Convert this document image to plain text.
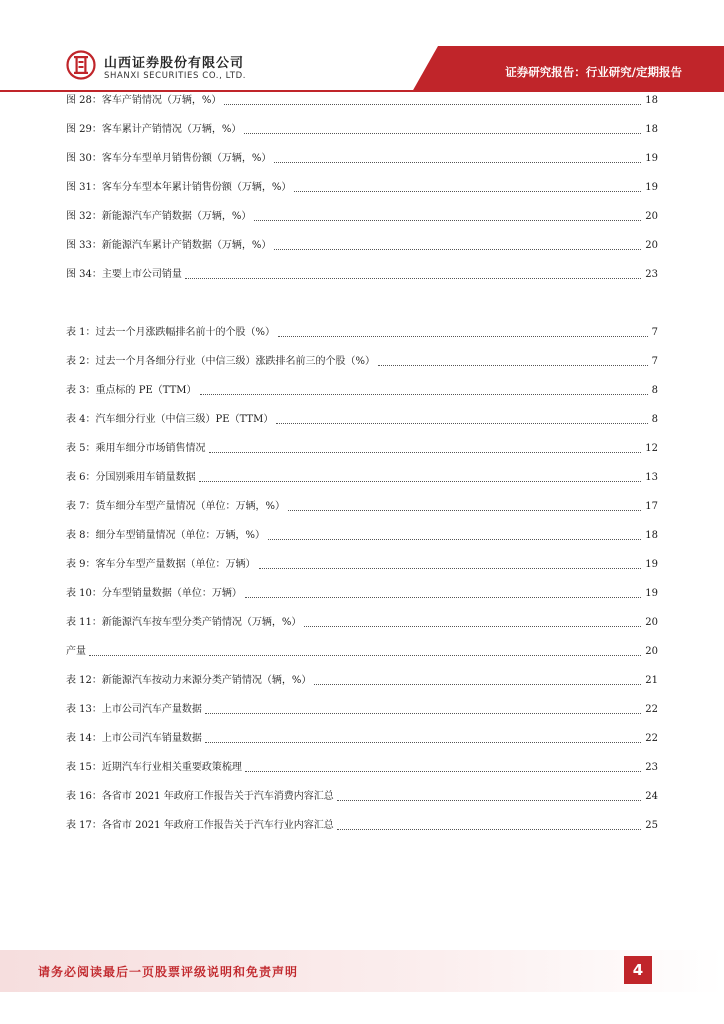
山西证券股份有限公司
SHANXI SECURITIES CO., LTD.	证券研究报告：行业研究/定期报告
图 28：客车产销情况（万辆，%）	18
图 29：客车累计产销情况（万辆，%）	18
图 30：客车分车型单月销售份额（万辆，%）	19
图 31：客车分车型本年累计销售份额（万辆，%）	19
图 32：新能源汽车产销数据（万辆，%）	20
图 33：新能源汽车累计产销数据（万辆，%）	20
图 34：主要上市公司销量	23
表 1：过去一个月涨跌幅排名前十的个股（%）	7
表 2：过去一个月各细分行业（中信三级）涨跌排名前三的个股（%）	7
表 3：重点标的 PE（TTM）	8
表 4：汽车细分行业（中信三级）PE（TTM）	8
表 5：乘用车细分市场销售情况	12
表 6：分国别乘用车销量数据	13
表 7：货车细分车型产量情况（单位：万辆，%）	17
表 8：细分车型销量情况（单位：万辆，%）	18
表 9：客车分车型产量数据（单位：万辆）	19
表 10：分车型销量数据（单位：万辆）	19
表 11：新能源汽车按车型分类产销情况（万辆，%）	20
产量	20
表 12：新能源汽车按动力来源分类产销情况（辆，%）	21
表 13：上市公司汽车产量数据	22
表 14：上市公司汽车销量数据	22
表 15：近期汽车行业相关重要政策梳理	23
表 16：各省市 2021 年政府工作报告关于汽车消费内容汇总	24
表 17：各省市 2021 年政府工作报告关于汽车行业内容汇总	25
请务必阅读最后一页股票评级说明和免责声明	4
